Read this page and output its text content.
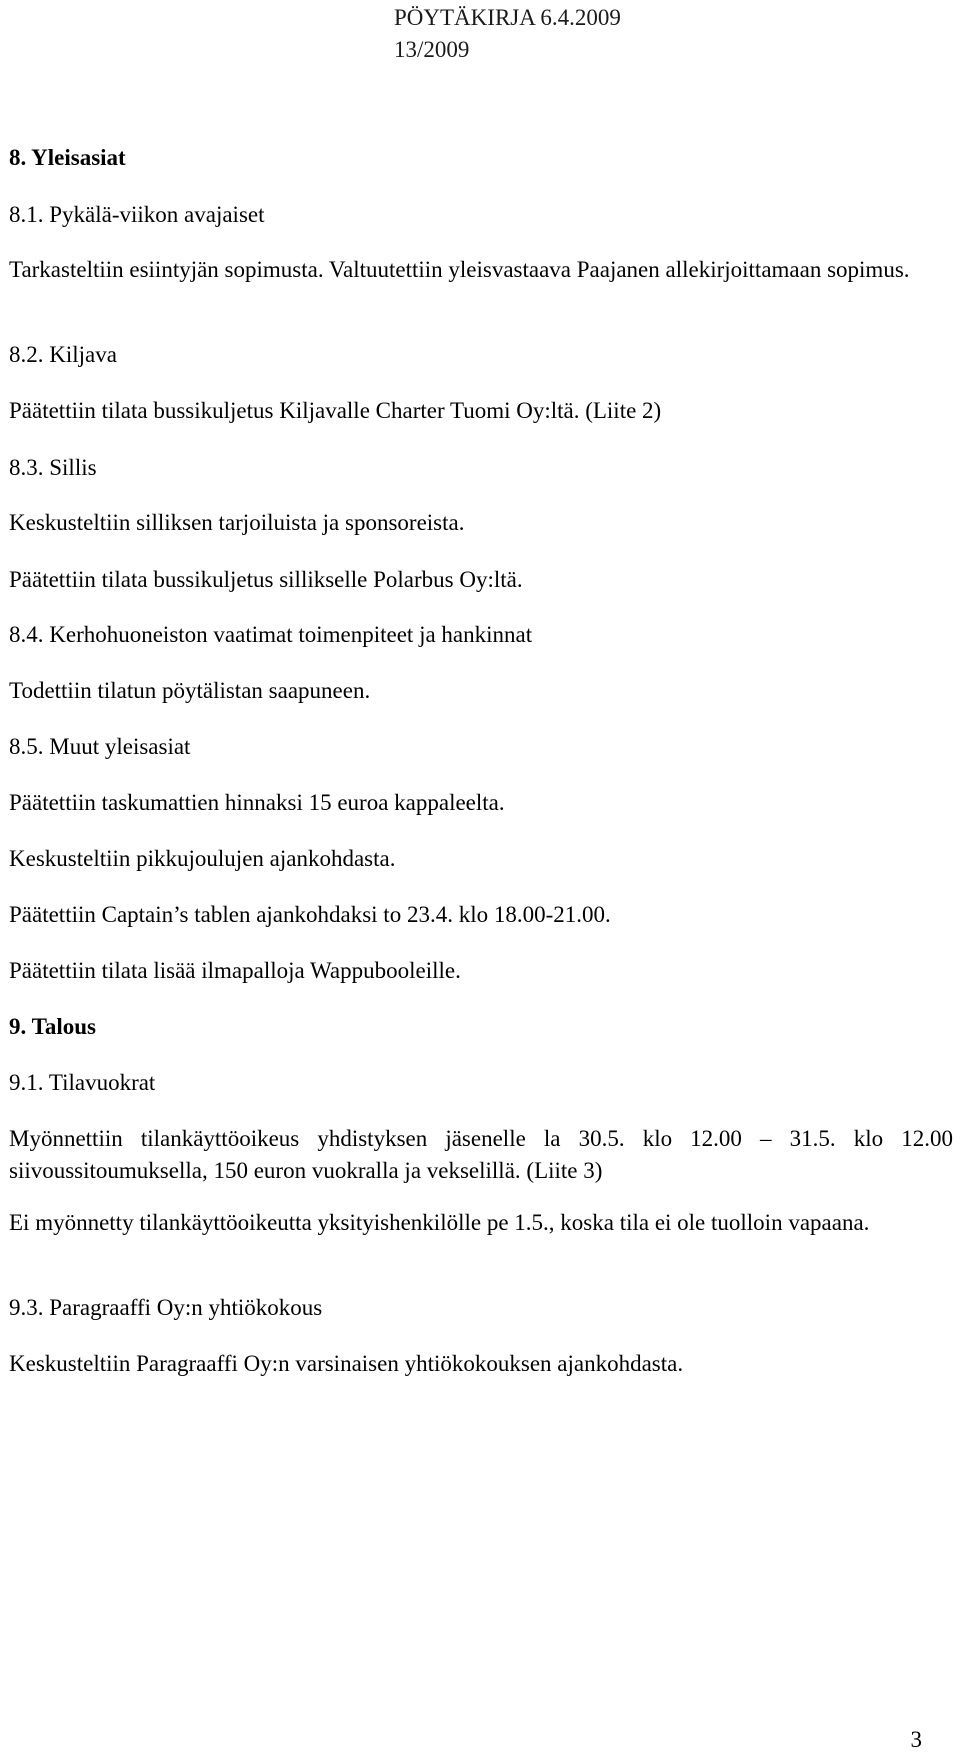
PÖYTÄKIRJA 6.4.2009
13/2009

8. Yleisasiat

8.1. Pykälä-viikon avajaiset

Tarkasteltiin esiintyjän sopimusta. Valtuutettiin yleisvastaava Paajanen allekirjoittamaan sopimus.

8.2. Kiljava

Päätettiin tilata bussikuljetus Kiljavalle Charter Tuomi Oy:ltä. (Liite 2)

8.3. Sillis

Keskusteltiin silliksen tarjoiluista ja sponsoreista.

Päätettiin tilata bussikuljetus sillikselle Polarbus Oy:ltä.

8.4. Kerhohuoneiston vaatimat toimenpiteet ja hankinnat

Todettiin tilatun pöytälistan saapuneen.

8.5. Muut yleisasiat

Päätettiin taskumattien hinnaksi 15 euroa kappaleelta.

Keskusteltiin pikkujoulujen ajankohdasta.

Päätettiin Captain’s tablen ajankohdaksi to 23.4. klo 18.00-21.00.

Päätettiin tilata lisää ilmapalloja Wappubooleille.

9. Talous

9.1. Tilavuokrat

Myönnettiin tilankäyttöoikeus yhdistyksen jäsenelle la 30.5. klo 12.00 – 31.5. klo 12.00 siivoussitoumuksella, 150 euron vuokralla ja vekselillä. (Liite 3)

Ei myönnetty tilankäyttöoikeutta yksityishenkilölle pe 1.5., koska tila ei ole tuolloin vapaana.

9.3. Paragraaffi Oy:n yhtiökokous

Keskusteltiin Paragraaffi Oy:n varsinaisen yhtiökokouksen ajankohdasta.

3
